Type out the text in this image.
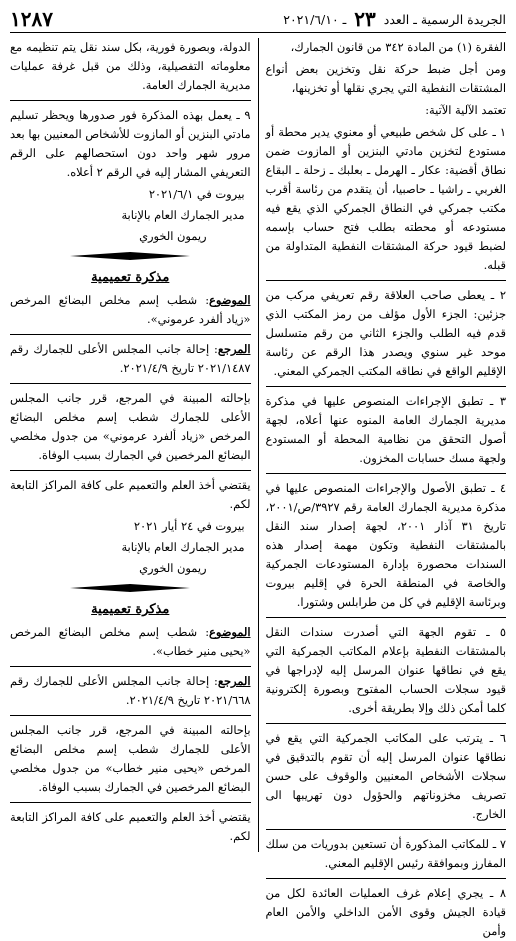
الجريدة الرسمية ـ العدد
٢٣
ـ ٢٠٢١/٦/١٠
١٢٨٧

الفقرة (١) من المادة ٣٤٢ من قانون الجمارك،

ومن أجل ضبط حركة نقل وتخزين بعض أنواع المشتقات النفطية التي يجري نقلها أو تخزينها،

تعتمد الآلية الآتية:

١ ـ على كل شخص طبيعي أو معنوي يدير محطة أو مستودع لتخزين مادتي البنزين أو المازوت ضمن نطاق أقضية: عكار ـ الهرمل ـ بعلبك ـ زحلة ـ البقاع الغربي ـ راشيا ـ حاصبيا، أن يتقدم من رئاسة أقرب مكتب جمركي في النطاق الجمركي الذي يقع فيه مستودعه أو محطته بطلب فتح حساب بإسمه لضبط قيود حركة المشتقات النفطية المتداولة من قبله.

٢ ـ يعطى صاحب العلاقة رقم تعريفي مركب من جزئين: الجزء الأول مؤلف من رمز المكتب الذي قدم فيه الطلب والجزء الثاني من رقم متسلسل موحد غير سنوي ويصدر هذا الرقم عن رئاسة الإقليم الواقع في نطاقه المكتب الجمركي المعني.

٣ ـ تطبق الإجراءات المنصوص عليها في مذكرة مديرية الجمارك العامة المنوه عنها أعلاه، لجهة أصول التحقق من نظامية المحطة أو المستودع ولجهة مسك حسابات المخزون.

٤ ـ تطبق الأصول والإجراءات المنصوص عليها في مذكرة مديرية الجمارك العامة رقم ٣٩٢٧/ص/٢٠٠١، تاريخ ٣١ آذار ٢٠٠١، لجهة إصدار سند النقل بالمشتقات النفطية وتكون مهمة إصدار هذه السندات محصورة بإدارة المستودعات الجمركية والخاصة في المنطقة الحرة في إقليم بيروت وبرئاسة الإقليم في كل من طرابلس وشتورا.

٥ ـ تقوم الجهة التي أصدرت سندات النقل بالمشتقات النفطية بإعلام المكاتب الجمركية التي يقع في نطاقها عنوان المرسل إليه لإدراجها في قيود سجلات الحساب المفتوح وبصورة إلكترونية كلما أمكن ذلك وإلا بطريقة أخرى.

٦ ـ يترتب على المكاتب الجمركية التي يقع في نطاقها عنوان المرسل إليه أن تقوم بالتدقيق في سجلات الأشخاص المعنيين والوقوف على حسن تصريف مخزوناتهم والحؤول دون تهريبها الى الخارج.

٧ ـ للمكاتب المذكورة أن تستعين بدوريات من سلك المفارز وبموافقة رئيس الإقليم المعني.

٨ ـ يجري إعلام غرف العمليات العائدة لكل من قيادة الجيش وقوى الأمن الداخلي والأمن العام وأمن

الدولة، وبصورة فورية، بكل سند نقل يتم تنظيمه مع معلوماته التفصيلية، وذلك من قبل غرفة عمليات مديرية الجمارك العامة.

٩ ـ يعمل بهذه المذكرة فور صدورها ويحظر تسليم مادتي البنزين أو المازوت للأشخاص المعنيين بها بعد مرور شهر واحد دون استحصالهم على الرقم التعريفي المشار إليه في الرقم ٢ أعلاه.

بيروت في ٢٠٢١/٦/١

مدير الجمارك العام بالإنابة

ريمون الخوري

مذكرة تعميمية

الموضوع: شطب إسم مخلص البضائع المرخص «زياد ألفرد عرموني».

المرجع: إحالة جانب المجلس الأعلى للجمارك رقم ٢٠٢١/١٤٨٧ تاريخ ٢٠٢١/٤/٩.

بإحالته المبينة في المرجع، قرر جانب المجلس الأعلى للجمارك شطب إسم مخلص البضائع المرخص «زياد ألفرد عرموني» من جدول مخلصي البضائع المرخصين في الجمارك بسبب الوفاة.

يقتضي أخذ العلم والتعميم على كافة المراكز التابعة لكم.

بيروت في ٢٤ أيار ٢٠٢١

مدير الجمارك العام بالإنابة

ريمون الخوري

مذكرة تعميمية

الموضوع: شطب إسم مخلص البضائع المرخص «يحيى منير خطاب».

المرجع: إحالة جانب المجلس الأعلى للجمارك رقم ٢٠٢١/٦٦٨ تاريخ ٢٠٢١/٤/٩.

بإحالته المبينة في المرجع، قرر جانب المجلس الأعلى للجمارك شطب إسم مخلص البضائع المرخص «يحيى منير خطاب» من جدول مخلصي البضائع المرخصين في الجمارك بسبب الوفاة.

يقتضي أخذ العلم والتعميم على كافة المراكز التابعة لكم.
